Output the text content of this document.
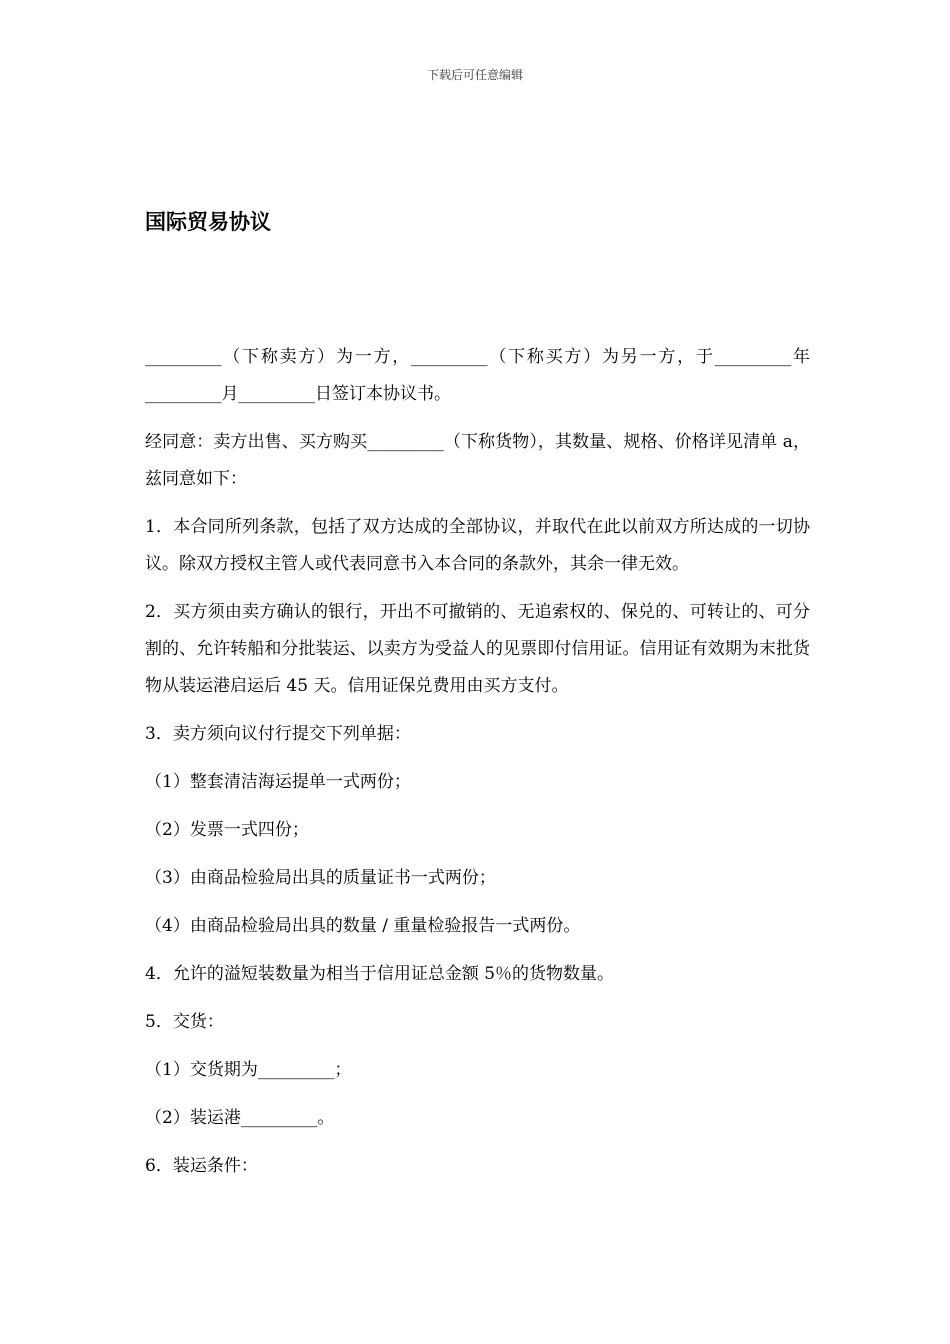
下载后可任意编辑
国际贸易协议

_________（下称卖方）为一方，_________（下称买方）为另一方，于_________年_________月_________日签订本协议书。

经同意：卖方出售、买方购买_________（下称货物），其数量、规格、价格详见清单 a，兹同意如下：

1．本合同所列条款，包括了双方达成的全部协议，并取代在此以前双方所达成的一切协议。除双方授权主管人或代表同意书入本合同的条款外，其余一律无效。

2．买方须由卖方确认的银行，开出不可撤销的、无追索权的、保兑的、可转让的、可分割的、允许转船和分批装运、以卖方为受益人的见票即付信用证。信用证有效期为末批货物从装运港启运后 45 天。信用证保兑费用由买方支付。

3．卖方须向议付行提交下列单据：

（1）整套清洁海运提单一式两份；

（2）发票一式四份；

（3）由商品检验局出具的质量证书一式两份；

（4）由商品检验局出具的数量 / 重量检验报告一式两份。

4．允许的溢短装数量为相当于信用证总金额 5％的货物数量。

5．交货：

（1）交货期为_________；

（2）装运港_________。

6．装运条件：
